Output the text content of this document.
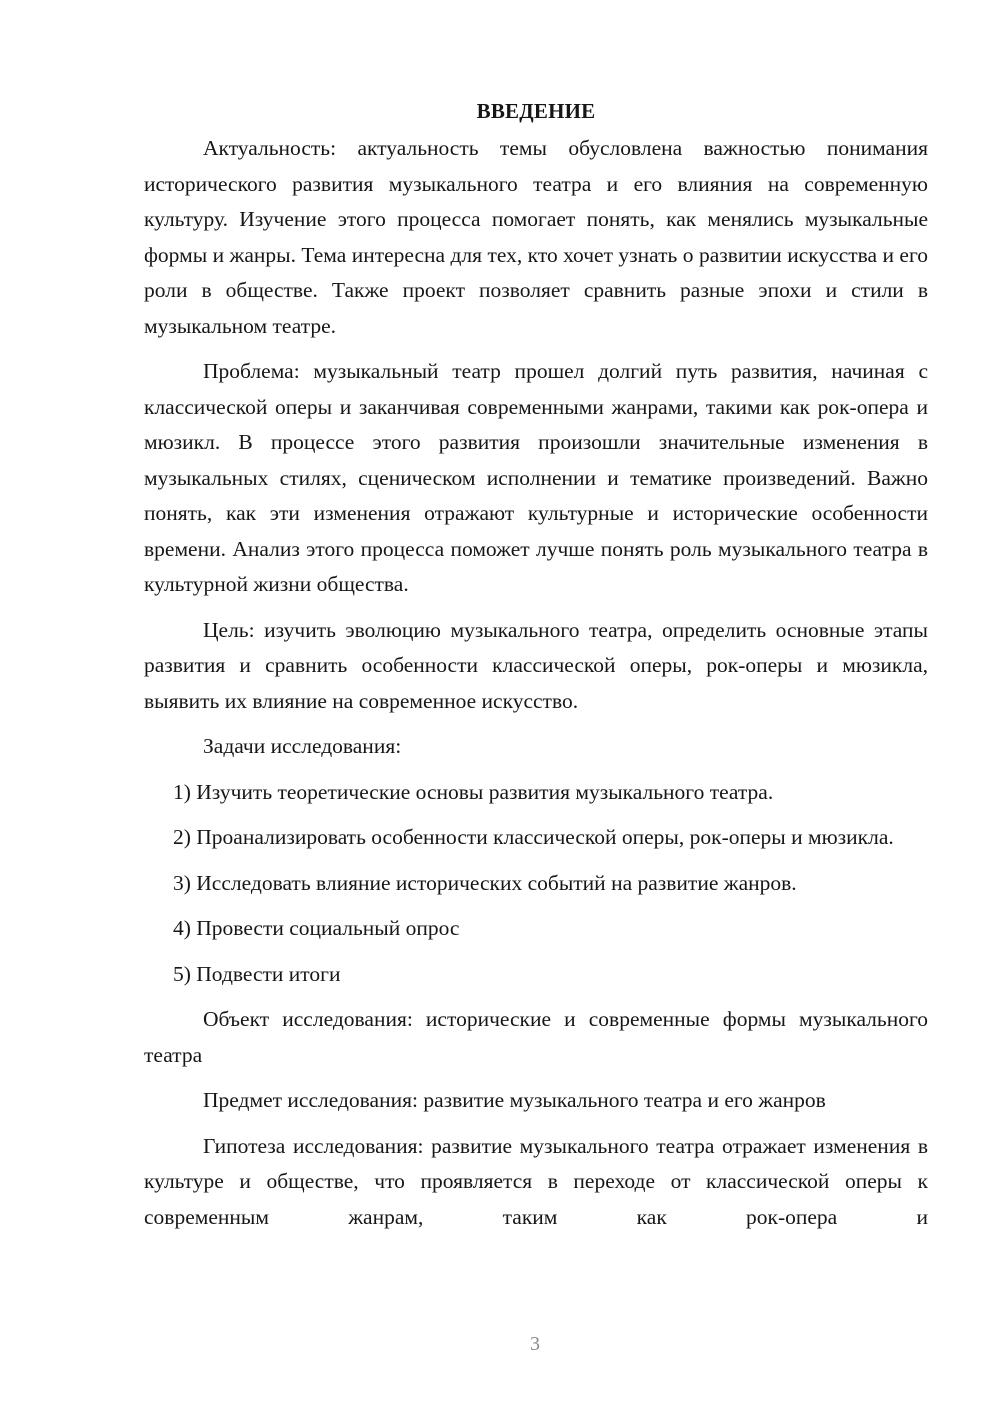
ВВЕДЕНИЕ

Актуальность: актуальность темы обусловлена важностью понимания исторического развития музыкального театра и его влияния на современную культуру. Изучение этого процесса помогает понять, как менялись музыкальные формы и жанры. Тема интересна для тех, кто хочет узнать о развитии искусства и его роли в обществе. Также проект позволяет сравнить разные эпохи и стили в музыкальном театре.

Проблема: музыкальный театр прошел долгий путь развития, начиная с классической оперы и заканчивая современными жанрами, такими как рок-опера и мюзикл. В процессе этого развития произошли значительные изменения в музыкальных стилях, сценическом исполнении и тематике произведений. Важно понять, как эти изменения отражают культурные и исторические особенности времени. Анализ этого процесса поможет лучше понять роль музыкального театра в культурной жизни общества.

Цель: изучить эволюцию музыкального театра, определить основные этапы развития и сравнить особенности классической оперы, рок-оперы и мюзикла, выявить их влияние на современное искусство.

Задачи исследования:

1) Изучить теоретические основы развития музыкального театра.

2) Проанализировать особенности классической оперы, рок-оперы и мюзикла.

3) Исследовать влияние исторических событий на развитие жанров.

4) Провести социальный опрос

5) Подвести итоги

Объект исследования: исторические и современные формы музыкального театра

Предмет исследования: развитие музыкального театра и его жанров

Гипотеза исследования: развитие музыкального театра отражает изменения в культуре и обществе, что проявляется в переходе от классической оперы к современным жанрам, таким как рок-опера и

3
